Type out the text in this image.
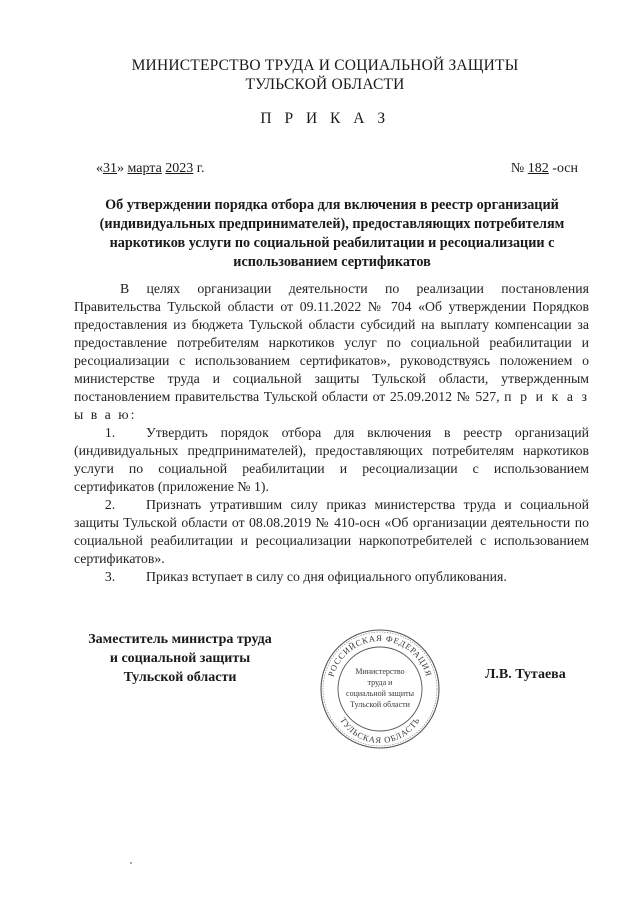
МИНИСТЕРСТВО ТРУДА И СОЦИАЛЬНОЙ ЗАЩИТЫ
ТУЛЬСКОЙ ОБЛАСТИ
П Р И К А З
«31» марта 2023 г.	№ 182 -осн
Об утверждении порядка отбора для включения в реестр организаций
(индивидуальных предпринимателей), предоставляющих потребителям
наркотиков услуги по социальной реабилитации и ресоциализации с
использованием сертификатов

В целях организации деятельности по реализации постановления Правительства Тульской области от 09.11.2022 № 704 «Об утверждении Порядков предоставления из бюджета Тульской области субсидий на выплату компенсации за предоставление потребителям наркотиков услуг по социальной реабилитации и ресоциализации с использованием сертификатов», руководствуясь положением о министерстве труда и социальной защиты Тульской области, утвержденным постановлением правительства Тульской области от 25.09.2012 № 527, п р и к а з ы в а ю:

1. Утвердить порядок отбора для включения в реестр организаций (индивидуальных предпринимателей), предоставляющих потребителям наркотиков услуги по социальной реабилитации и ресоциализации с использованием сертификатов (приложение № 1).

2. Признать утратившим силу приказ министерства труда и социальной защиты Тульской области от 08.08.2019 № 410-осн «Об организации деятельности по социальной реабилитации и ресоциализации наркопотребителей с использованием сертификатов».

3. Приказ вступает в силу со дня официального опубликования.

Заместитель министра труда
и социальной защиты
Тульской области	РОССИЙСКАЯ ФЕДЕРАЦИЯ
ТУЛЬСКАЯ ОБЛАСТЬ
Министерство
труда и
социальной защиты
Тульской области
Л.В. Тутаева
